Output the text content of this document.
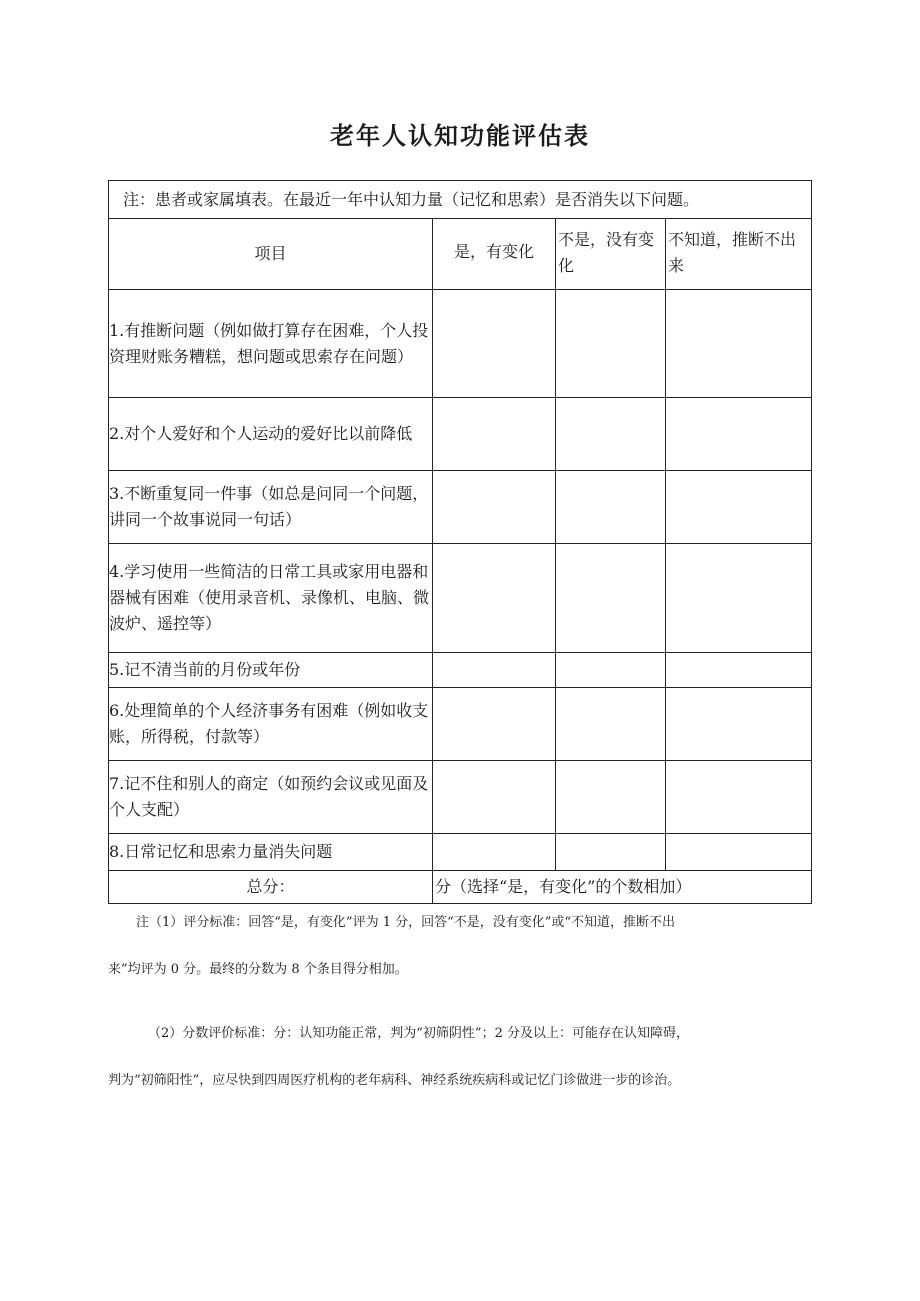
老年人认知功能评估表
注：患者或家属填表。在最近一年中认知力量（记忆和思索）是否消失以下问题。			
项目	是，有变化	不是，没有变化	不知道，推断不出来
1.有推断问题（例如做打算存在困难，个人投资理财账务糟糕，想问题或思索存在问题）			
2.对个人爱好和个人运动的爱好比以前降低			
3.不断重复同一件事（如总是问同一个问题，讲同一个故事说同一句话）			
4.学习使用一些简洁的日常工具或家用电器和器械有困难（使用录音机、录像机、电脑、微波炉、遥控等）			
5.记不清当前的月份或年份			
6.处理简单的个人经济事务有困难（例如收支账，所得税，付款等）			
7.记不住和别人的商定（如预约会议或见面及个人支配）			
8.日常记忆和思索力量消失问题			
总分：	分（选择“是，有变化”的个数相加）		
注（1）评分标准：回答“是，有变化”评为 1 分，回答“不是，没有变化”或“不知道，推断不出
来”均评为 0 分。最终的分数为 8 个条目得分相加。
（2）分数评价标准：分：认知功能正常，判为“初筛阴性”；2 分及以上：可能存在认知障碍，
判为“初筛阳性”，应尽快到四周医疗机构的老年病科、神经系统疾病科或记忆门诊做进一步的诊治。
